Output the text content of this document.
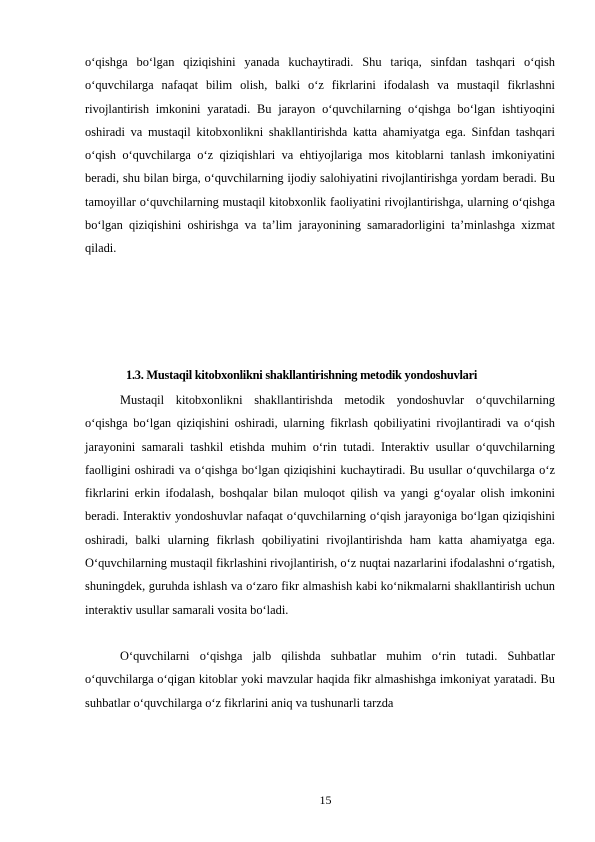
o‘qishga bo‘lgan qiziqishini yanada kuchaytiradi. Shu tariqa, sinfdan tashqari o‘qish o‘quvchilarga nafaqat bilim olish, balki o‘z fikrlarini ifodalash va mustaqil fikrlashni rivojlantirish imkonini yaratadi. Bu jarayon o‘quvchilarning o‘qishga bo‘lgan ishtiyoqini oshiradi va mustaqil kitobxonlikni shakllantirishda katta ahamiyatga ega. Sinfdan tashqari o‘qish o‘quvchilarga o‘z qiziqishlari va ehtiyojlariga mos kitoblarni tanlash imkoniyatini beradi, shu bilan birga, o‘quvchilarning ijodiy salohiyatini rivojlantirishga yordam beradi. Bu tamoyillar o‘quvchilarning mustaqil kitobxonlik faoliyatini rivojlantirishga, ularning o‘qishga bo‘lgan qiziqishini oshirishga va ta’lim jarayonining samaradorligini ta’minlashga xizmat qiladi.

1.3. Mustaqil kitobxonlikni shakllantirishning metodik yondoshuvlari

Mustaqil kitobxonlikni shakllantirishda metodik yondoshuvlar o‘quvchilarning o‘qishga bo‘lgan qiziqishini oshiradi, ularning fikrlash qobiliyatini rivojlantiradi va o‘qish jarayonini samarali tashkil etishda muhim o‘rin tutadi. Interaktiv usullar o‘quvchilarning faolligini oshiradi va o‘qishga bo‘lgan qiziqishini kuchaytiradi. Bu usullar o‘quvchilarga o‘z fikrlarini erkin ifodalash, boshqalar bilan muloqot qilish va yangi g‘oyalar olish imkonini beradi. Interaktiv yondoshuvlar nafaqat o‘quvchilarning o‘qish jarayoniga bo‘lgan qiziqishini oshiradi, balki ularning fikrlash qobiliyatini rivojlantirishda ham katta ahamiyatga ega. O‘quvchilarning mustaqil fikrlashini rivojlantirish, o‘z nuqtai nazarlarini ifodalashni o‘rgatish, shuningdek, guruhda ishlash va o‘zaro fikr almashish kabi ko‘nikmalarni shakllantirish uchun interaktiv usullar samarali vosita bo‘ladi.

O‘quvchilarni o‘qishga jalb qilishda suhbatlar muhim o‘rin tutadi. Suhbatlar o‘quvchilarga o‘qigan kitoblar yoki mavzular haqida fikr almashishga imkoniyat yaratadi. Bu suhbatlar o‘quvchilarga o‘z fikrlarini aniq va tushunarli tarzda

15
